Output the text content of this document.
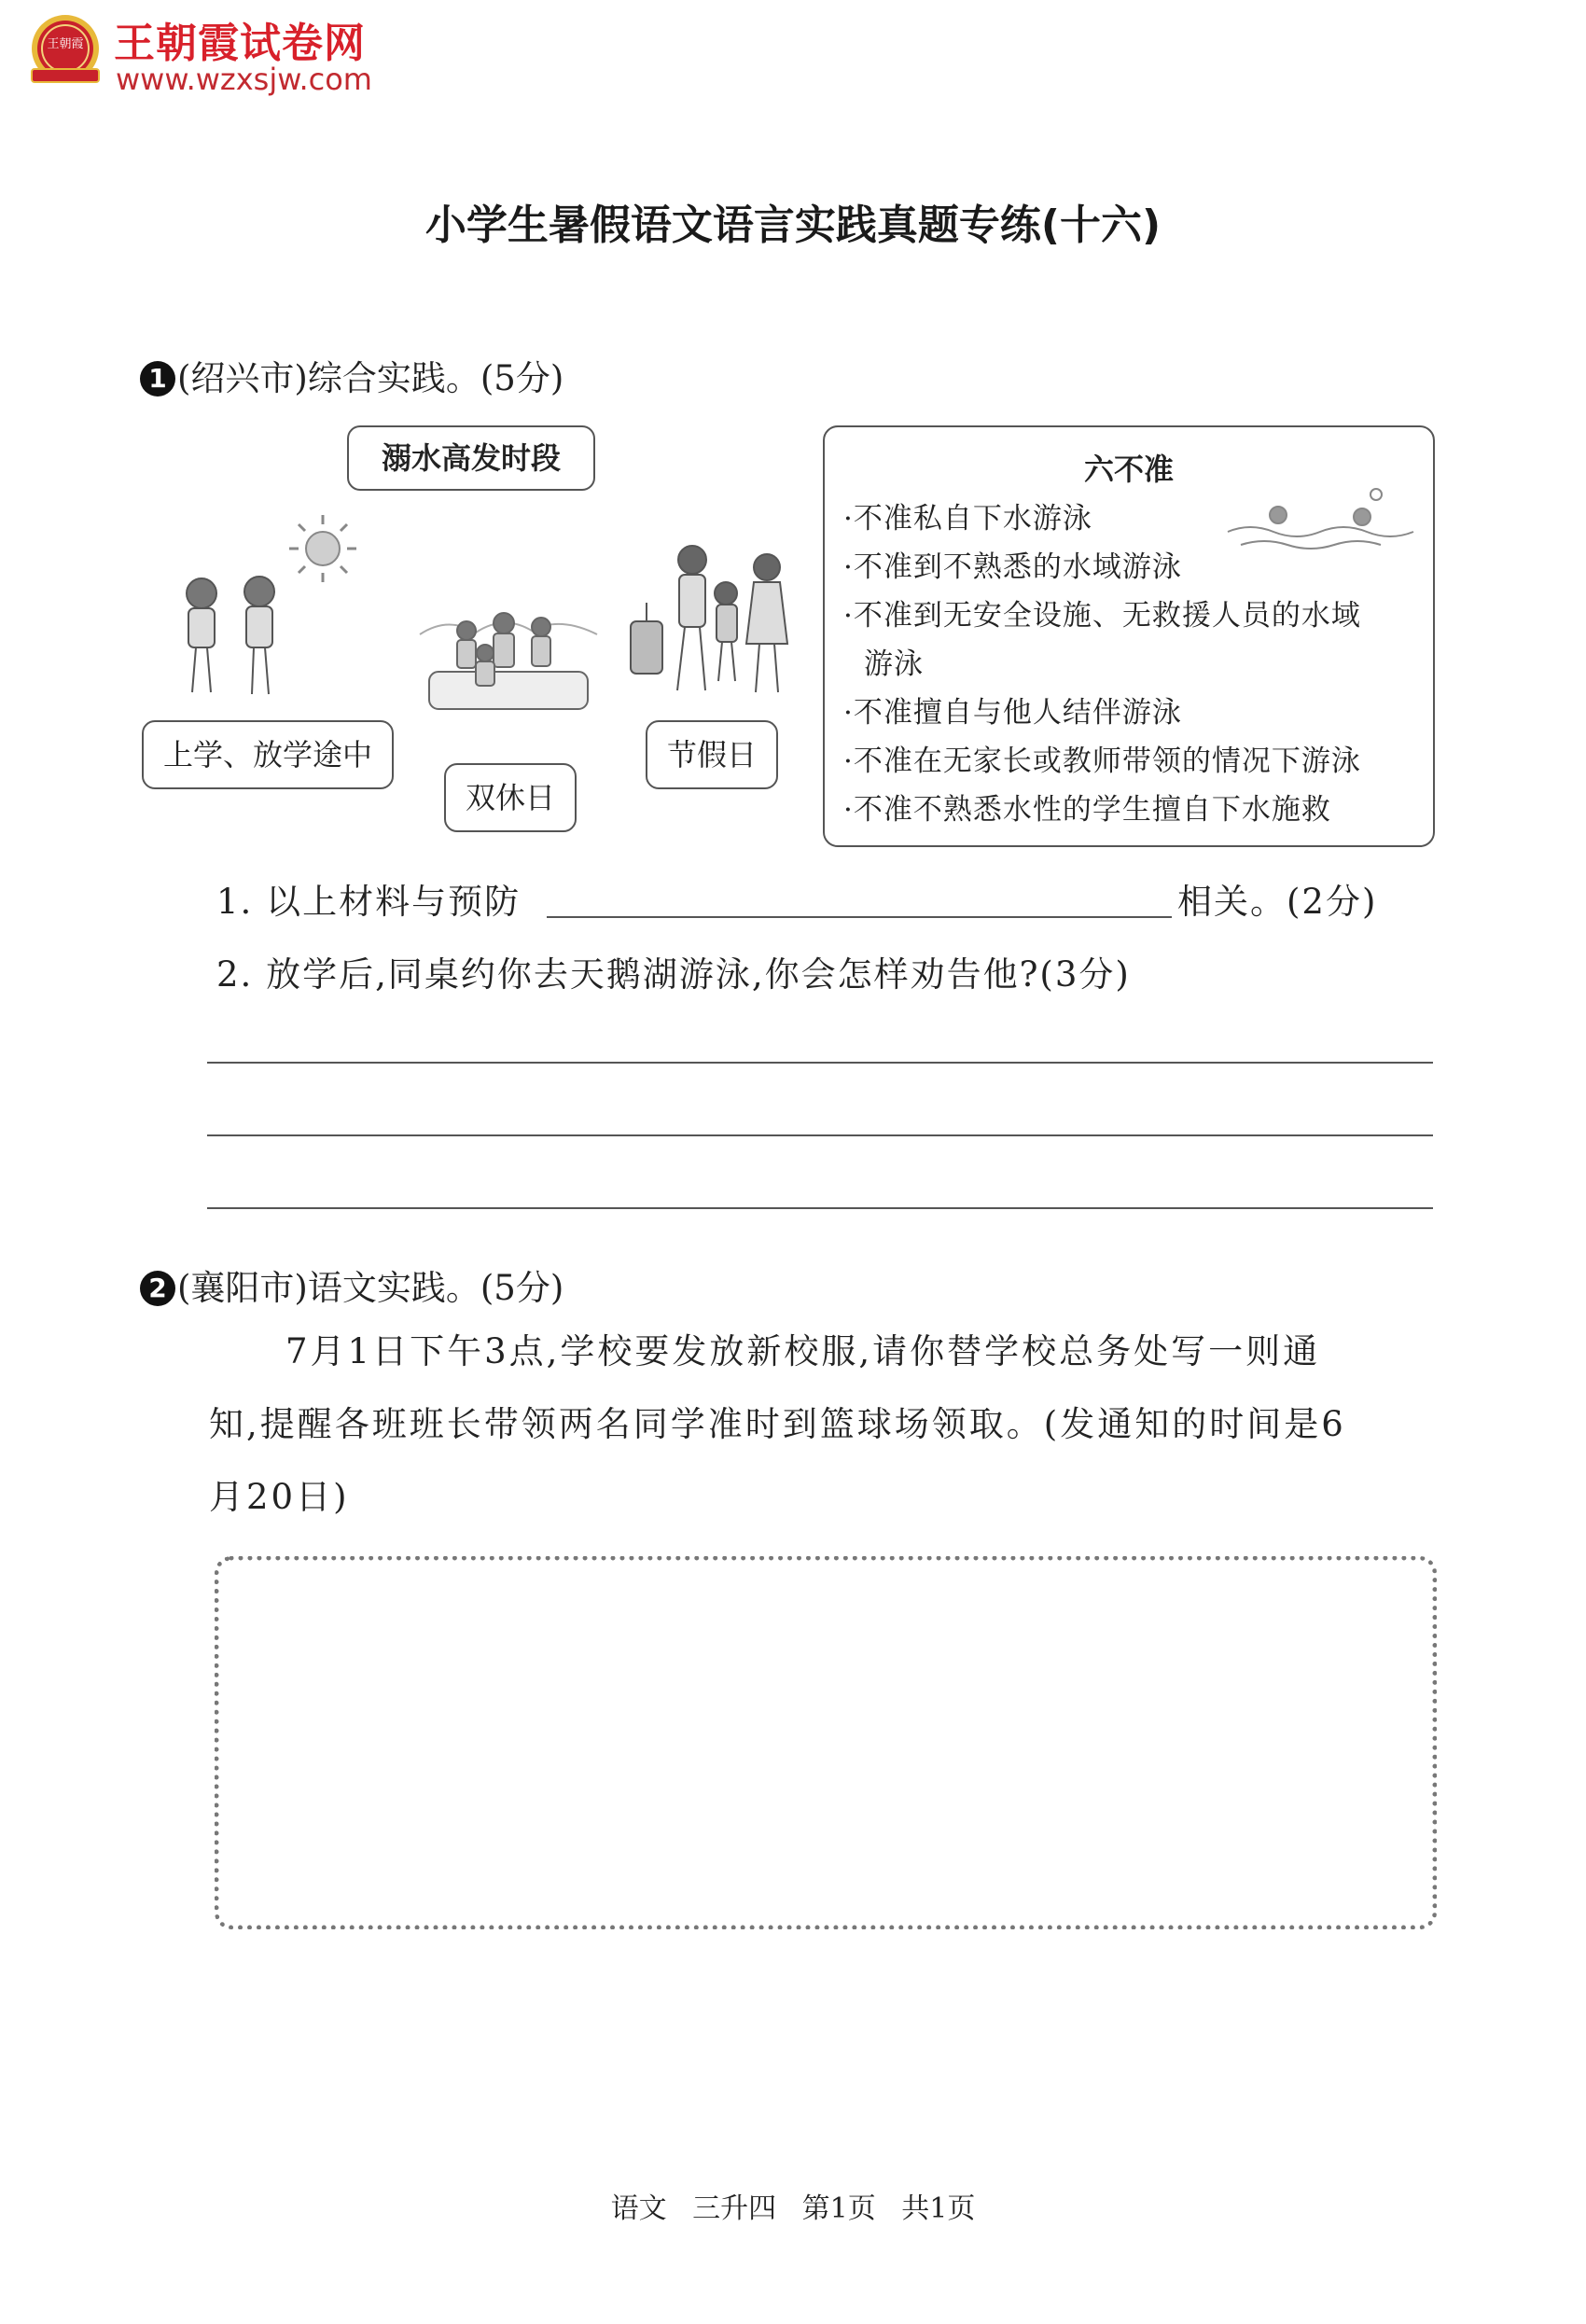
王朝霞 王朝霞试卷网
www.wzxsjw.com
小学生暑假语文语言实践真题专练(十六)
1 (绍兴市)综合实践。(5分)
溺水高发时段
上学、放学途中
双休日
节假日
六不准
·不准私自下水游泳
·不准到不熟悉的水域游泳
·不准到无安全设施、无救援人员的水域
游泳
·不准擅自与他人结伴游泳
·不准在无家长或教师带领的情况下游泳
·不准不熟悉水性的学生擅自下水施救
1. 以上材料与预防	相关。(2分)
2. 放学后,同桌约你去天鹅湖游泳,你会怎样劝告他?(3分)
2 (襄阳市)语文实践。(5分)
7月1日下午3点,学校要发放新校服,请你替学校总务处写一则通
知,提醒各班班长带领两名同学准时到篮球场领取。(发通知的时间是6
月20日)
语文 三升四 第1页 共1页
